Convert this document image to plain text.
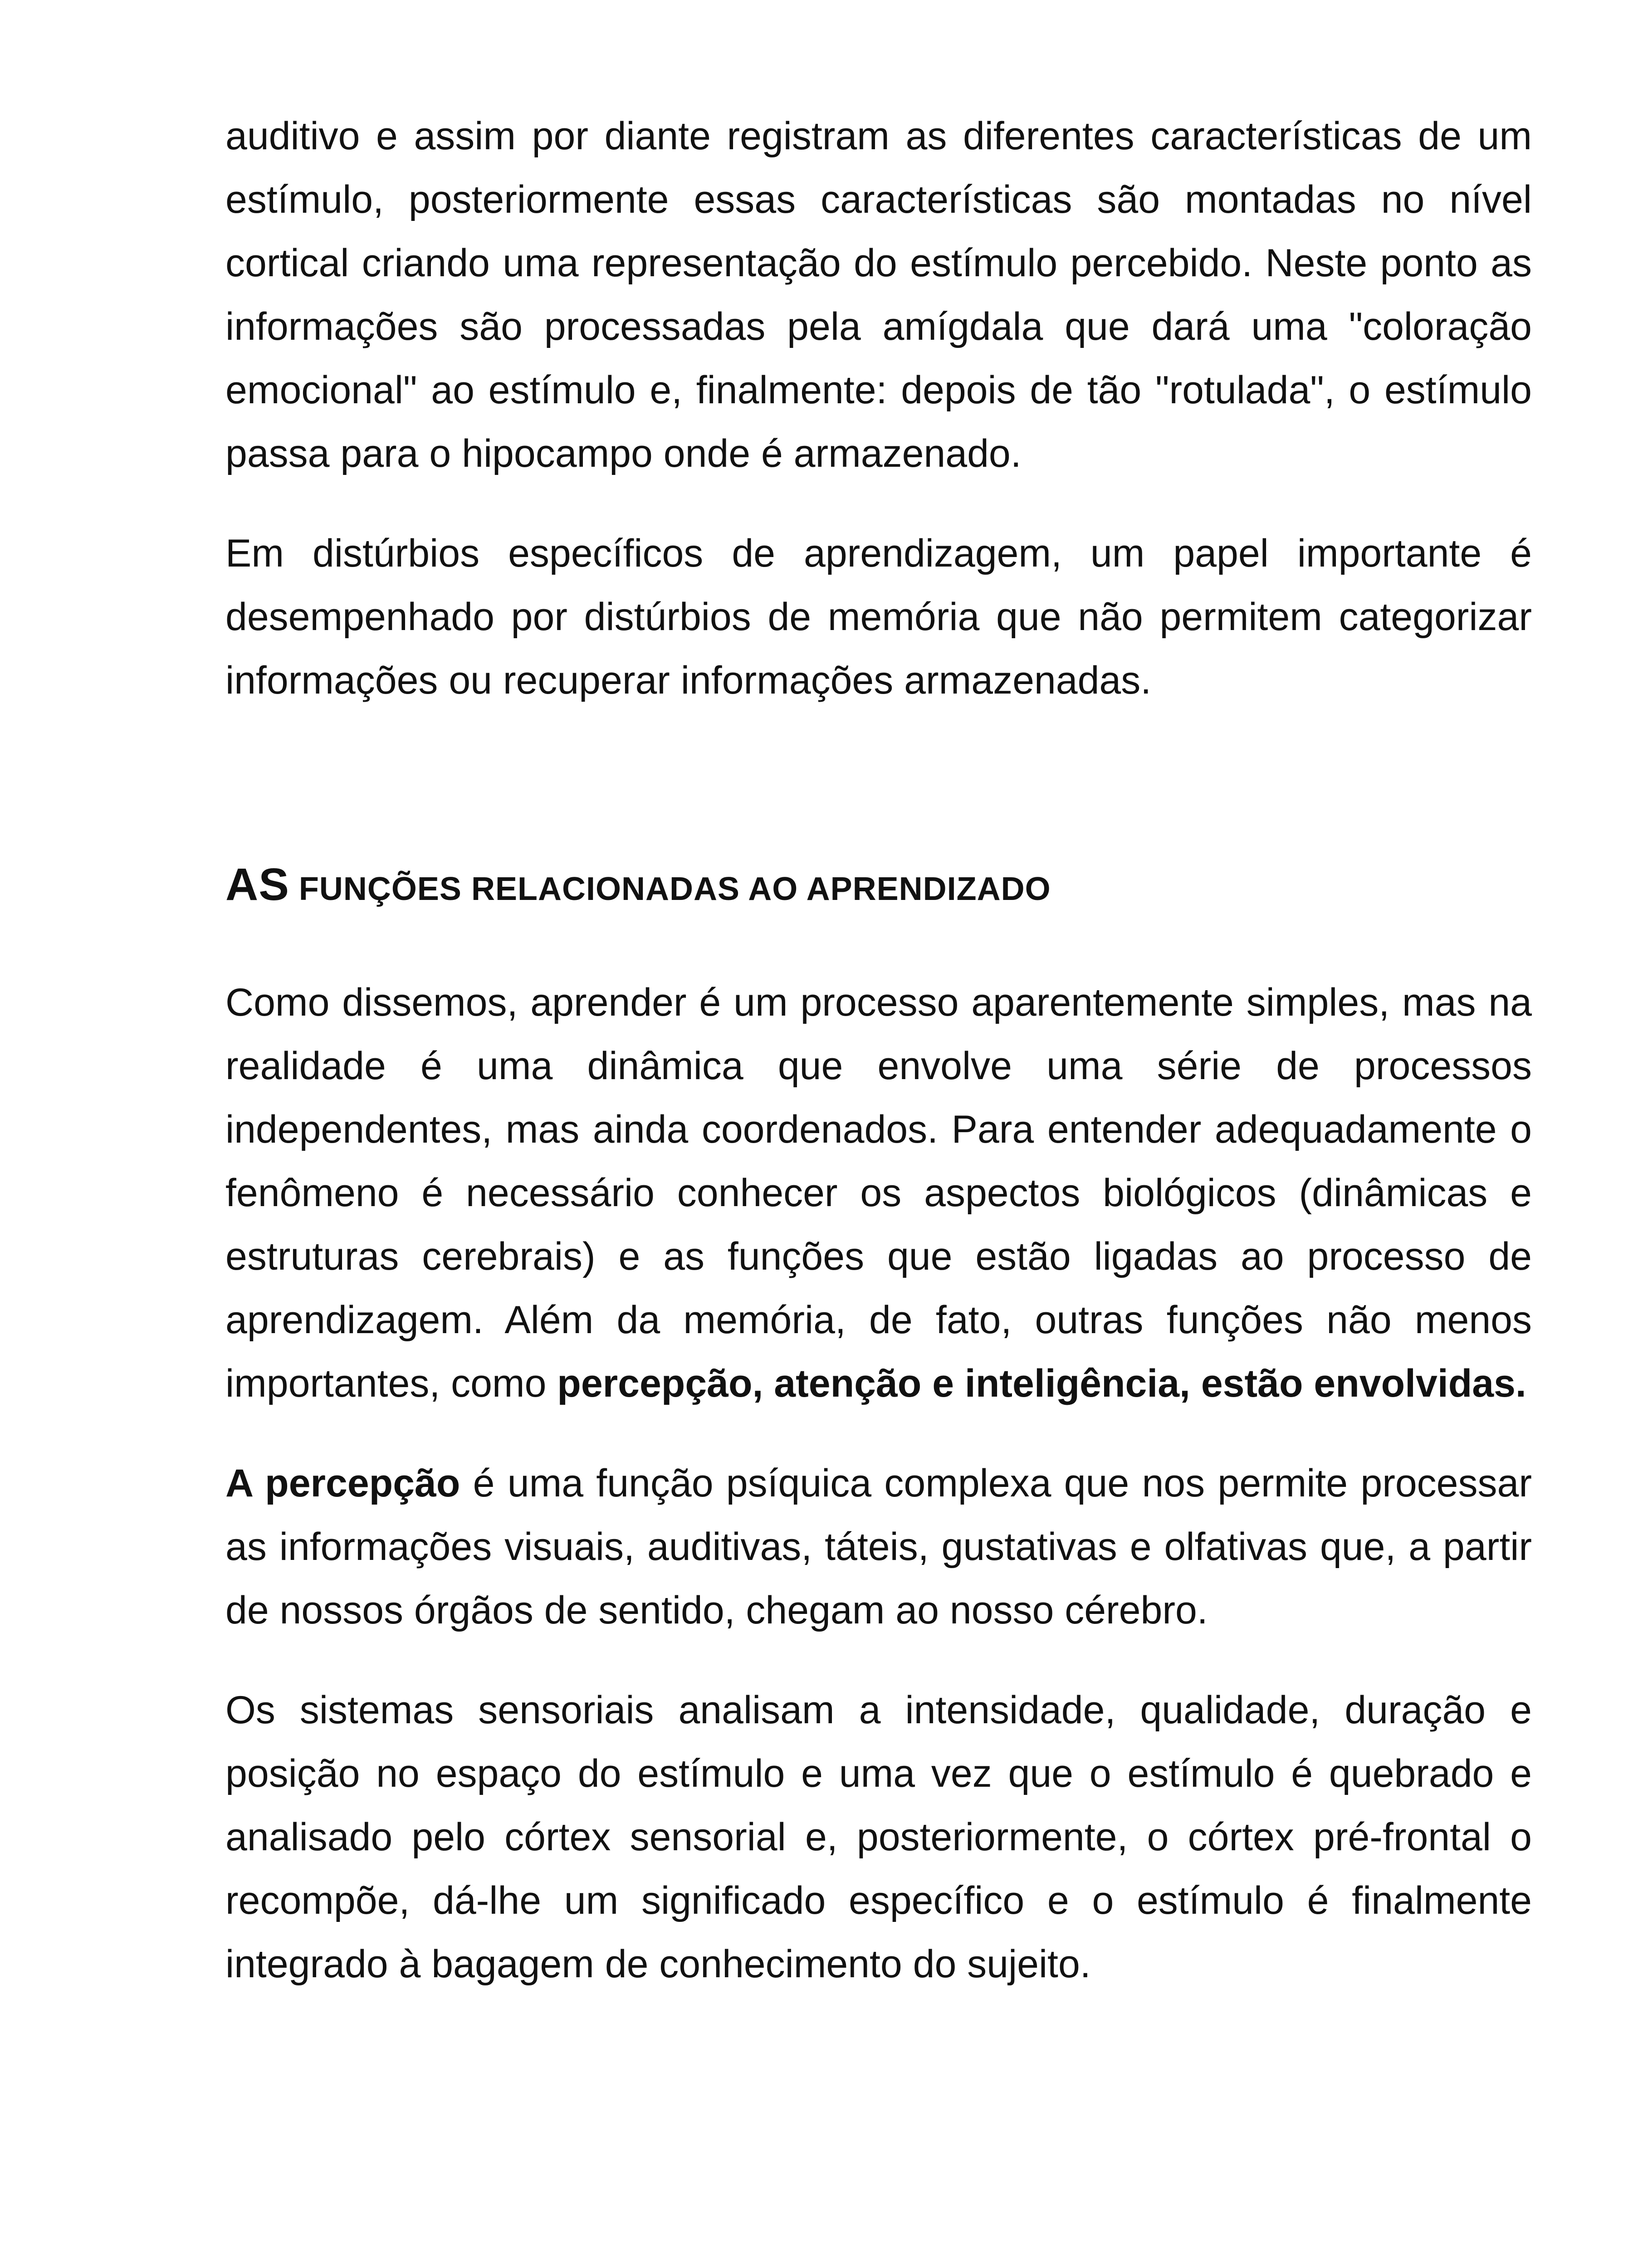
auditivo e assim por diante registram as diferentes características de um estímulo, posteriormente essas características são montadas no nível cortical criando uma representação do estímulo percebido. Neste ponto as informações são processadas pela amígdala que dará uma "coloração emocional" ao estímulo e, finalmente: depois de tão "rotulada", o estímulo passa para o hipocampo onde é armazenado.

Em distúrbios específicos de aprendizagem, um papel importante é desempenhado por distúrbios de memória que não permitem categorizar informações ou recuperar informações armazenadas.

AS FUNÇÕES RELACIONADAS AO APRENDIZADO

Como dissemos, aprender é um processo aparentemente simples, mas na realidade é uma dinâmica que envolve uma série de processos independentes, mas ainda coordenados. Para entender adequadamente o fenômeno é necessário conhecer os aspectos biológicos (dinâmicas e estruturas cerebrais) e as funções que estão ligadas ao processo de aprendizagem. Além da memória, de fato, outras funções não menos importantes, como percepção, atenção e inteligência, estão envolvidas.

A percepção é uma função psíquica complexa que nos permite processar as informações visuais, auditivas, táteis, gustativas e olfativas que, a partir de nossos órgãos de sentido, chegam ao nosso cérebro.

Os sistemas sensoriais analisam a intensidade, qualidade, duração e posição no espaço do estímulo e uma vez que o estímulo é quebrado e analisado pelo córtex sensorial e, posteriormente, o córtex pré-frontal o recompõe, dá-lhe um significado específico e o estímulo é finalmente integrado à bagagem de conhecimento do sujeito.
